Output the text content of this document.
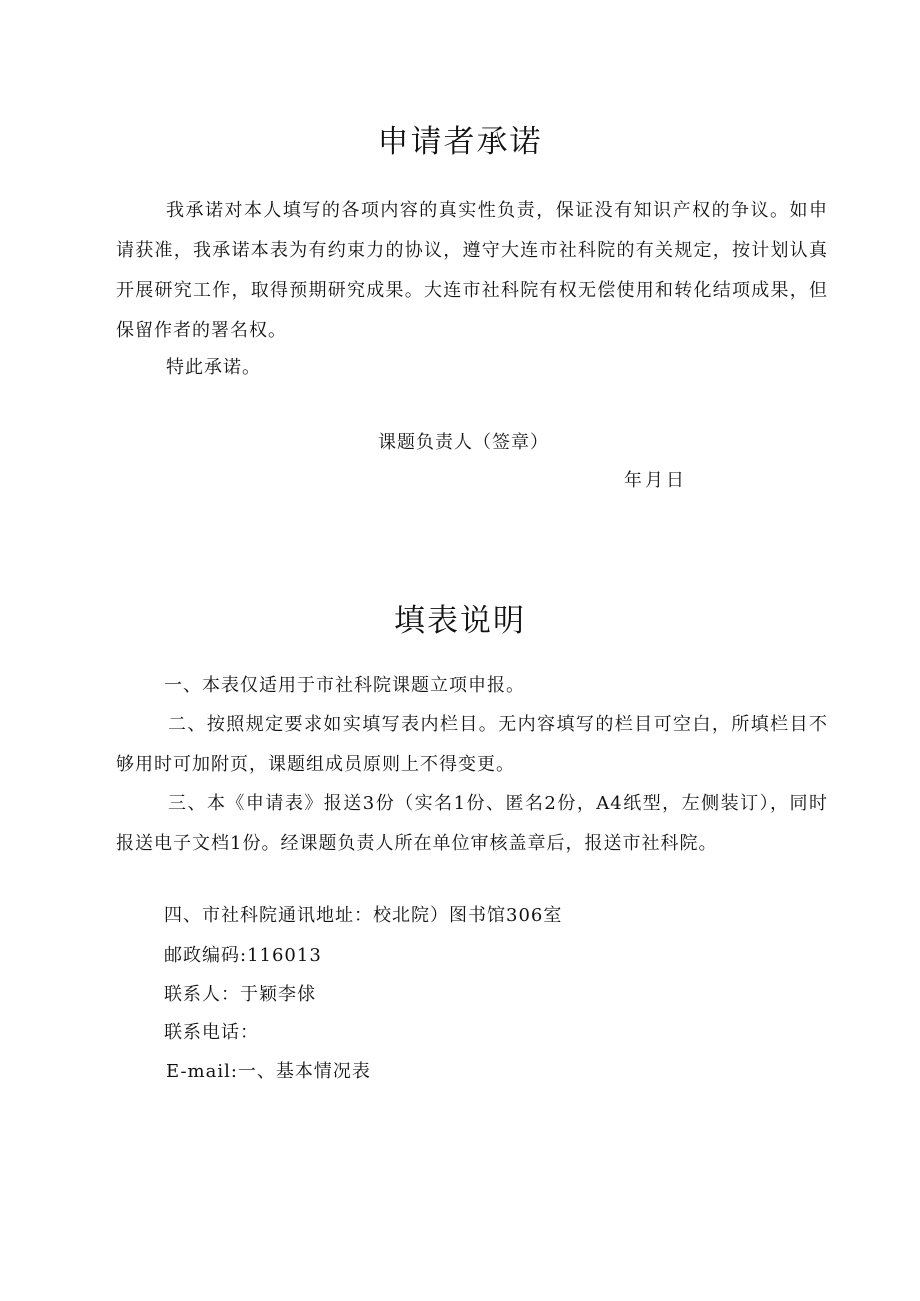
申请者承诺

我承诺对本人填写的各项内容的真实性负责，保证没有知识产权的争议。如申请获准，我承诺本表为有约束力的协议，遵守大连市社科院的有关规定，按计划认真开展研究工作，取得预期研究成果。大连市社科院有权无偿使用和转化结项成果，但保留作者的署名权。

特此承诺。

课题负责人（签章）

年月日

填表说明

一、本表仅适用于市社科院课题立项申报。

二、按照规定要求如实填写表内栏目。无内容填写的栏目可空白，所填栏目不够用时可加附页，课题组成员原则上不得变更。

三、本《申请表》报送3份（实名1份、匿名2份，A4纸型，左侧装订），同时报送电子文档1份。经课题负责人所在单位审核盖章后，报送市社科院。

四、市社科院通讯地址：校北院）图书馆306室

邮政编码:116013

联系人：于颖李俅

联系电话：

E-mail:一、基本情况表
